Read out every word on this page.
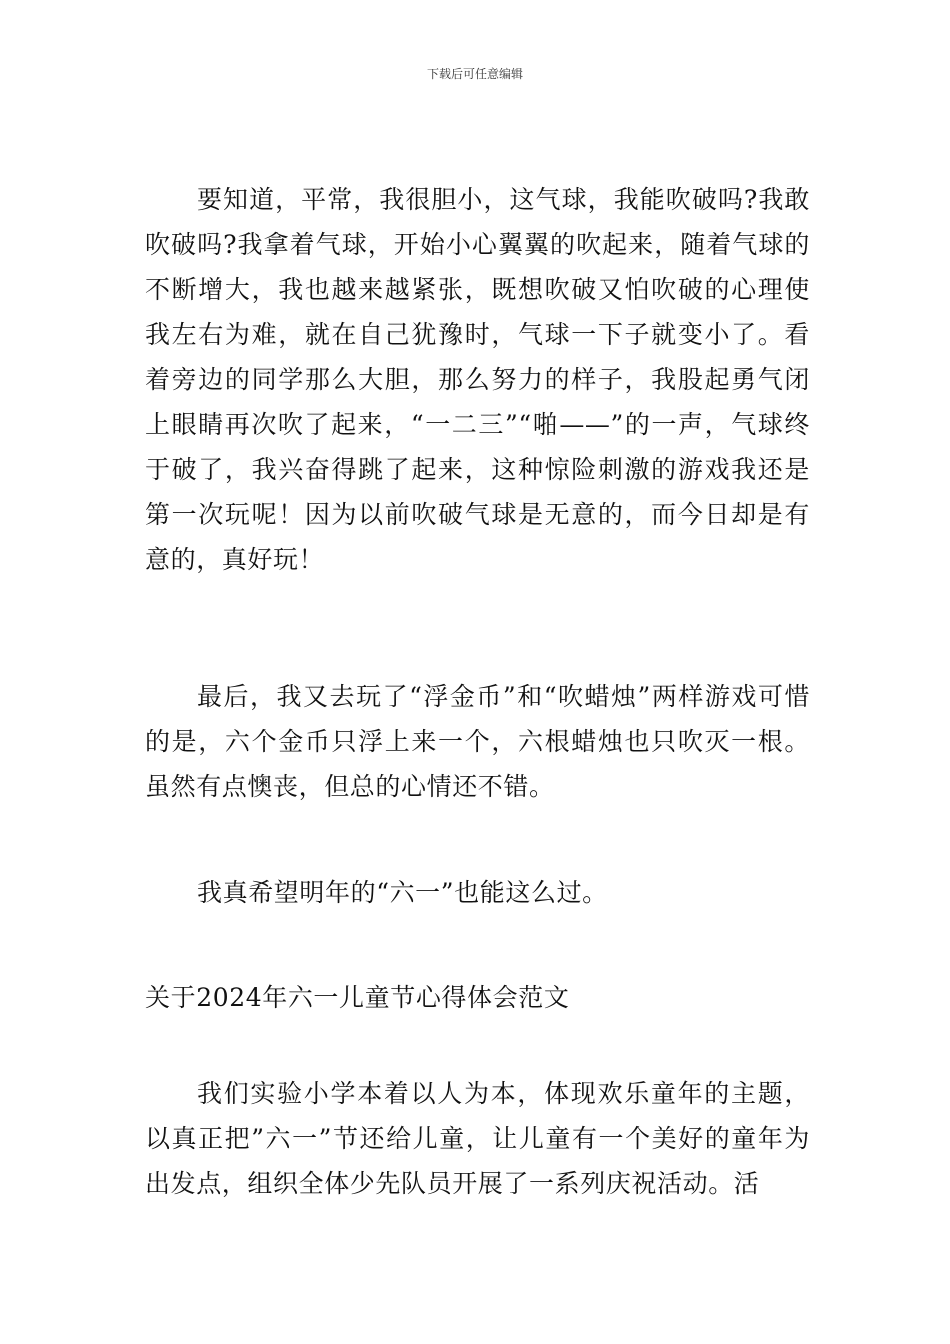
下载后可任意编辑

要知道，平常，我很胆小，这气球，我能吹破吗?我敢吹破吗?我拿着气球，开始小心翼翼的吹起来，随着气球的不断增大，我也越来越紧张，既想吹破又怕吹破的心理使我左右为难，就在自己犹豫时，气球一下子就变小了。看着旁边的同学那么大胆，那么努力的样子，我股起勇气闭上眼睛再次吹了起来，“一二三”“啪——”的一声，气球终于破了，我兴奋得跳了起来，这种惊险刺激的游戏我还是第一次玩呢！因为以前吹破气球是无意的，而今日却是有意的，真好玩！

最后，我又去玩了“浮金币”和“吹蜡烛”两样游戏可惜的是，六个金币只浮上来一个，六根蜡烛也只吹灭一根。虽然有点懊丧，但总的心情还不错。

我真希望明年的“六一”也能这么过。

关于2024年六一儿童节心得体会范文

我们实验小学本着以人为本，体现欢乐童年的主题，以真正把”六一”节还给儿童，让儿童有一个美好的童年为出发点，组织全体少先队员开展了一系列庆祝活动。活
